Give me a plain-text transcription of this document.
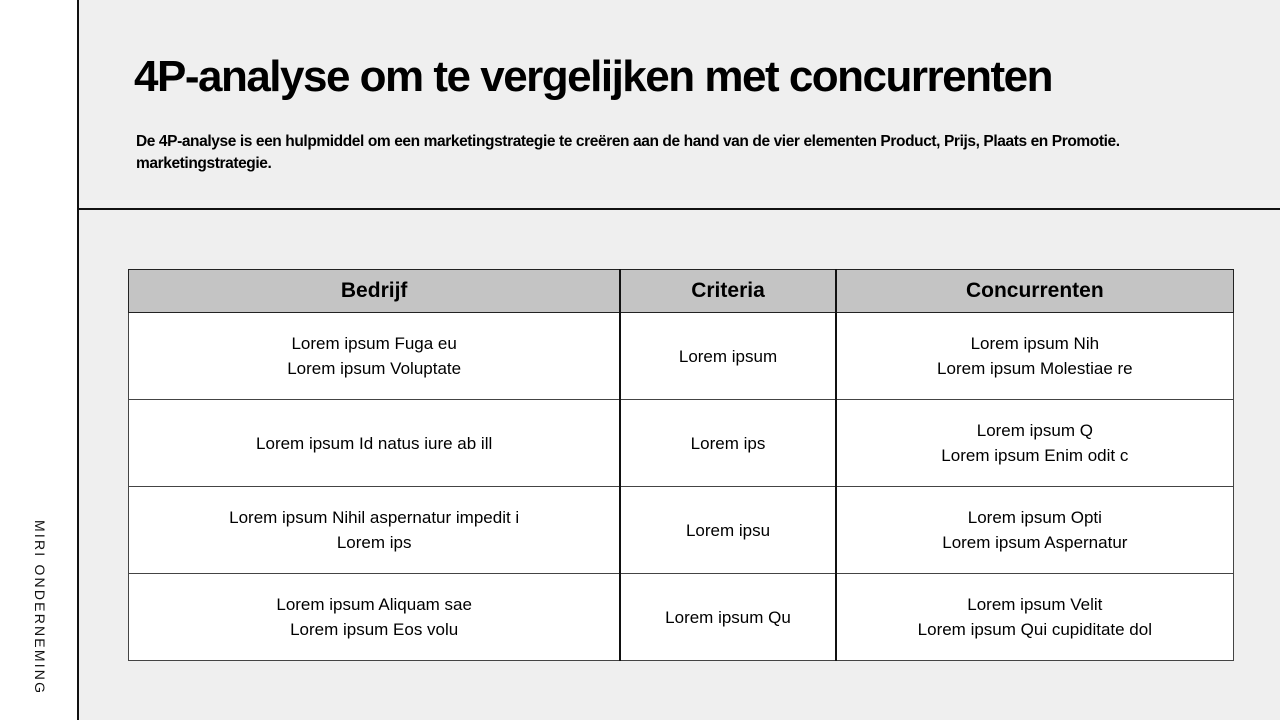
MIRI ONDERNEMING
4P-analyse om te vergelijken met concurrenten
De 4P-analyse is een hulpmiddel om een marketingstrategie te creëren aan de hand van de vier elementen Product, Prijs, Plaats en Promotie.
marketingstrategie.
Bedrijf	Criteria	Concurrenten

Lorem ipsum Fuga eu
Lorem ipsum Voluptate	Lorem ipsum	Lorem ipsum Nih
Lorem ipsum Molestiae re

Lorem ipsum Id natus iure ab ill	Lorem ips	Lorem ipsum Q
Lorem ipsum Enim odit c

Lorem ipsum Nihil aspernatur impedit i
Lorem ips	Lorem ipsu	Lorem ipsum Opti
Lorem ipsum Aspernatur

Lorem ipsum Aliquam sae
Lorem ipsum Eos volu	Lorem ipsum Qu	Lorem ipsum Velit
Lorem ipsum Qui cupiditate dol
